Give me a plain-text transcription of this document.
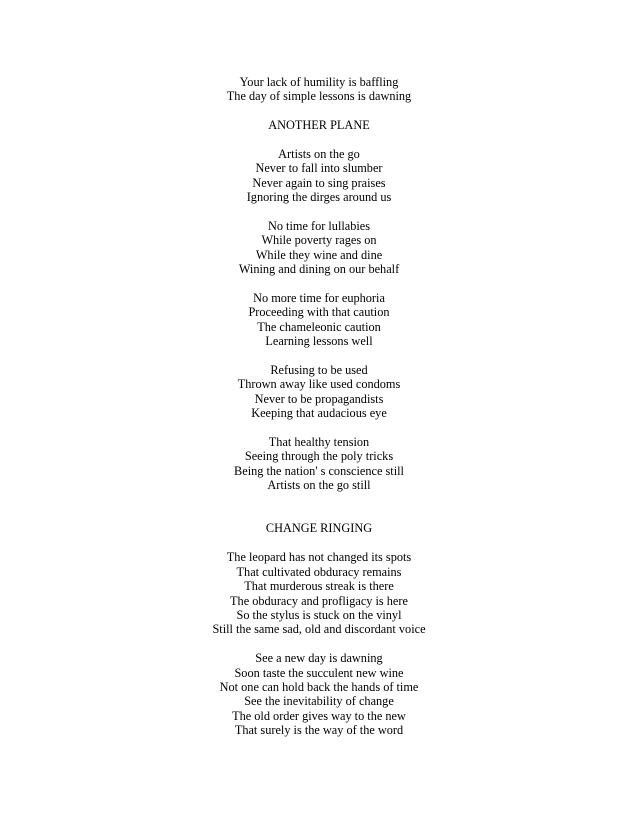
Your lack of humility is baffling
The day of simple lessons is dawning
ANOTHER PLANE
Artists on the go
Never to fall into slumber
Never again to sing praises
Ignoring the dirges around us
No time for lullabies
While poverty rages on
While they wine and dine
Wining and dining on our behalf
No more time for euphoria
Proceeding with that caution
The chameleonic caution
Learning lessons well
Refusing to be used
Thrown away like used condoms
Never to be propagandists
Keeping that audacious eye
That healthy tension
Seeing through the poly tricks
Being the nation' s conscience still
Artists on the go still
CHANGE RINGING
The leopard has not changed its spots
That cultivated obduracy remains
That murderous streak is there
The obduracy and profligacy is here
So the stylus is stuck on the vinyl
Still the same sad, old and discordant voice
See a new day is dawning
Soon taste the succulent new wine
Not one can hold back the hands of time
See the inevitability of change
The old order gives way to the new
That surely is the way of the word
